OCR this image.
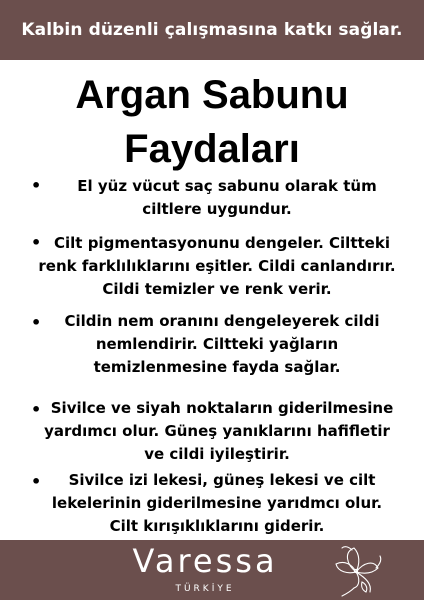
Kalbin düzenli çalışmasına katkı sağlar.
Argan Sabunu
Faydaları
•	El yüz vücut saç sabunu olarak tüm
ciltlere uygundur.
• Cilt pigmentasyonunu dengeler. Ciltteki
renk farklılıklarını eşitler. Cildi canlandırır.
Cildi temizler ve renk verir.
•	Cildin nem oranını dengeleyerek cildi
nemlendirir. Ciltteki yağların
temizlenmesine fayda sağlar.
• Sivilce ve siyah noktaların giderilmesine
yardımcı olur. Güneş yanıklarını hafifletir
ve cildi iyileştirir.
•	Sivilce izi lekesi, güneş lekesi ve cilt
lekelerinin giderilmesine yarıdmcı olur.
Cilt kırışıklıklarını giderir.
Varessa
TÜRKİYE
